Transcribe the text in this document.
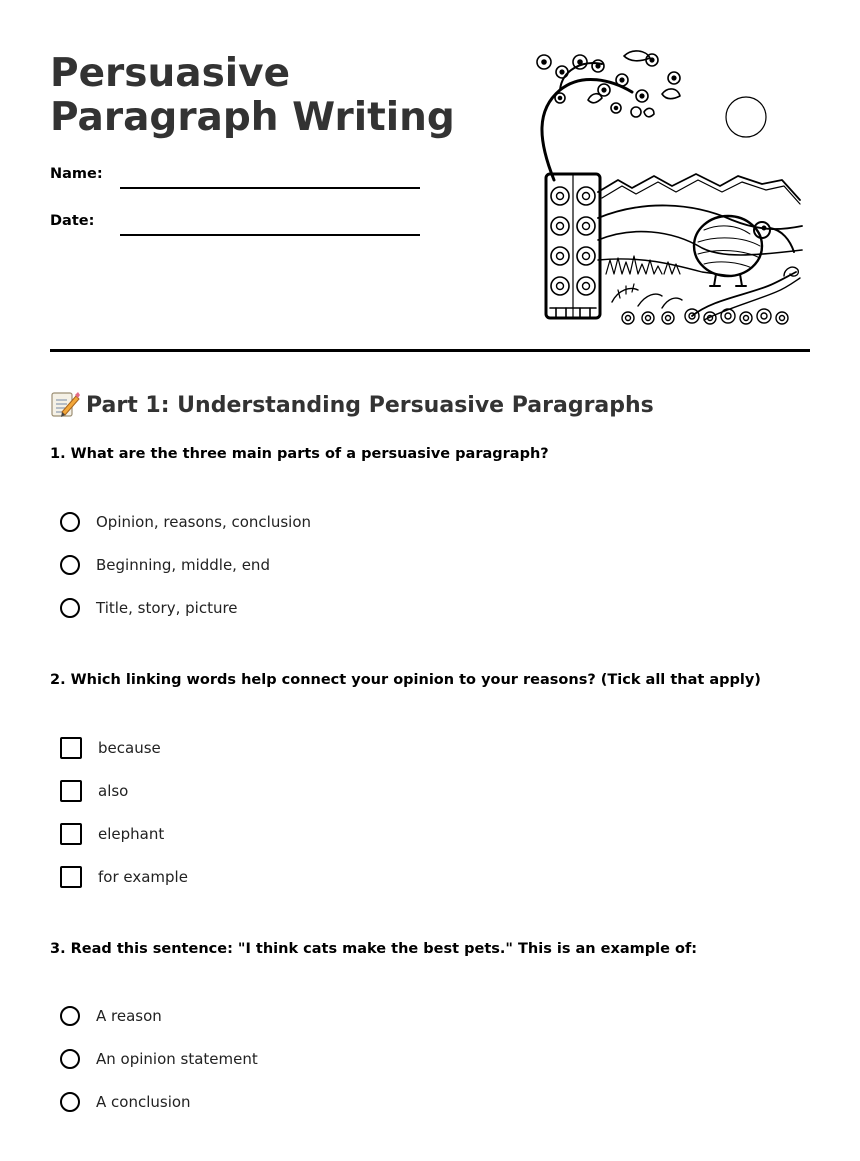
Persuasive Paragraph Writing
Name:
Date:
Part 1: Understanding Persuasive Paragraphs

1. What are the three main parts of a persuasive paragraph?

Opinion, reasons, conclusion
Beginning, middle, end
Title, story, picture

2. Which linking words help connect your opinion to your reasons? (Tick all that apply)

because
also
elephant
for example

3. Read this sentence: "I think cats make the best pets." This is an example of:

A reason
An opinion statement
A conclusion
